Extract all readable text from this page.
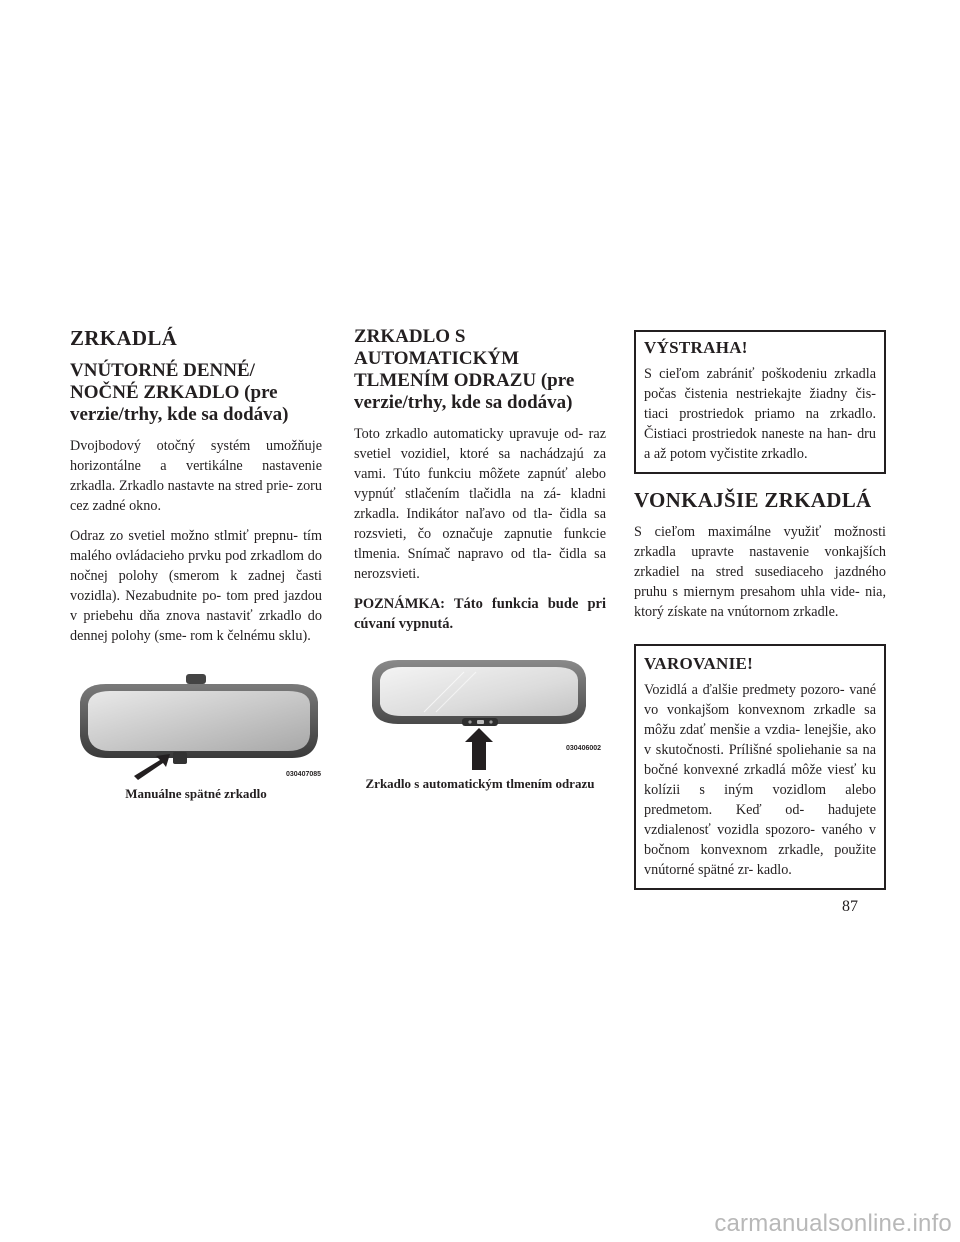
ZRKADLÁ
VNÚTORNÉ DENNÉ/ NOČNÉ ZRKADLO (pre verzie/trhy, kde sa dodáva)

Dvojbodový otočný systém umožňuje horizontálne a vertikálne nastavenie zrkadla. Zrkadlo nastavte na stred prie- zoru cez zadné okno.

Odraz zo svetiel možno stlmiť prepnu- tím malého ovládacieho prvku pod zrkadlom do nočnej polohy (smerom k zadnej časti vozidla). Nezabudnite po- tom pred jazdou v priebehu dňa znova nastaviť zrkadlo do dennej polohy (sme- rom k čelnému sklu).

030407085
Manuálne spätné zrkadlo
ZRKADLO S AUTOMATICKÝM TLMENÍM ODRAZU (pre verzie/trhy, kde sa dodáva)

Toto zrkadlo automaticky upravuje od- raz svetiel vozidiel, ktoré sa nachádzajú za vami. Túto funkciu môžete zapnúť alebo vypnúť stlačením tlačidla na zá- kladni zrkadla. Indikátor naľavo od tla- čidla sa rozsvieti, čo označuje zapnutie funkcie tlmenia. Snímač napravo od tla- čidla sa nerozsvieti.

POZNÁMKA: Táto funkcia bude pri cúvaní vypnutá.

030406002
Zrkadlo s automatickým tlmením odrazu
VÝSTRAHA!

S cieľom zabrániť poškodeniu zrkadla počas čistenia nestriekajte žiadny čis- tiaci prostriedok priamo na zrkadlo. Čistiaci prostriedok naneste na han- dru a až potom vyčistite zrkadlo.

VONKAJŠIE ZRKADLÁ

S cieľom maximálne využiť možnosti zrkadla upravte nastavenie vonkajších zrkadiel na stred susediaceho jazdného pruhu s miernym presahom uhla vide- nia, ktorý získate na vnútornom zrkadle.

VAROVANIE!

Vozidlá a ďalšie predmety pozoro- vané vo vonkajšom konvexnom zrkadle sa môžu zdať menšie a vzdia- lenejšie, ako v skutočnosti. Prílišné spoliehanie sa na bočné konvexné zrkadlá môže viesť ku kolízii s iným vozidlom alebo predmetom. Keď od- hadujete vzdialenosť vozidla spozoro- vaného v bočnom konvexnom zrkadle, použite vnútorné spätné zr- kadlo.

87
carmanualsonline.info
